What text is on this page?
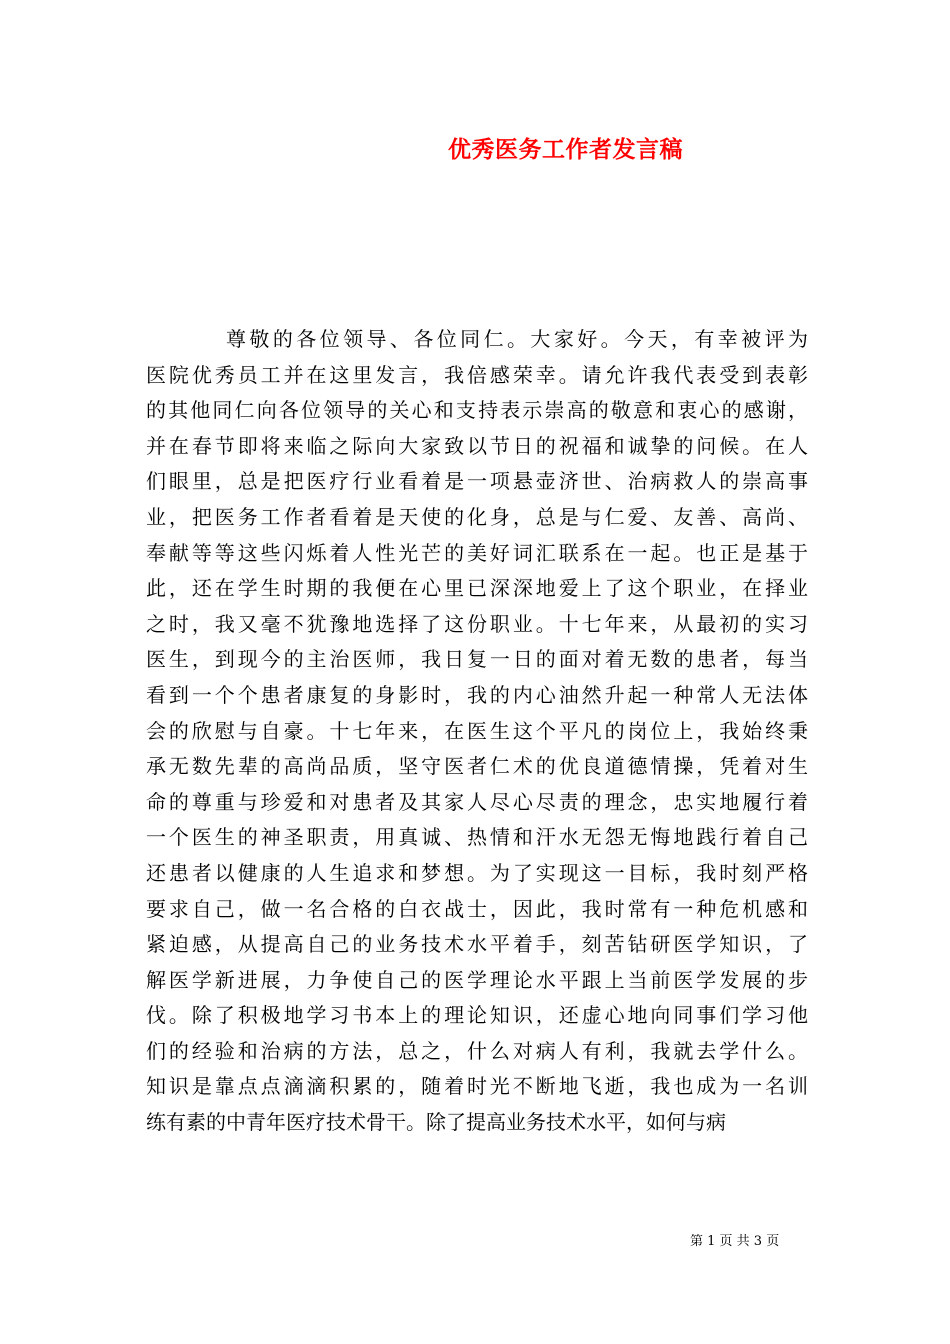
优秀医务工作者发言稿
尊敬的各位领导、各位同仁。大家好。今天，有幸被评为
医院优秀员工并在这里发言，我倍感荣幸。请允许我代表受到表彰
的其他同仁向各位领导的关心和支持表示崇高的敬意和衷心的感谢，
并在春节即将来临之际向大家致以节日的祝福和诚挚的问候。在人
们眼里，总是把医疗行业看着是一项悬壶济世、治病救人的崇高事
业，把医务工作者看着是天使的化身，总是与仁爱、友善、高尚、
奉献等等这些闪烁着人性光芒的美好词汇联系在一起。也正是基于
此，还在学生时期的我便在心里已深深地爱上了这个职业，在择业
之时，我又毫不犹豫地选择了这份职业。十七年来，从最初的实习
医生，到现今的主治医师，我日复一日的面对着无数的患者，每当
看到一个个患者康复的身影时，我的内心油然升起一种常人无法体
会的欣慰与自豪。十七年来，在医生这个平凡的岗位上，我始终秉
承无数先辈的高尚品质，坚守医者仁术的优良道德情操，凭着对生
命的尊重与珍爱和对患者及其家人尽心尽责的理念，忠实地履行着
一个医生的神圣职责，用真诚、热情和汗水无怨无悔地践行着自己
还患者以健康的人生追求和梦想。为了实现这一目标，我时刻严格
要求自己，做一名合格的白衣战士，因此，我时常有一种危机感和
紧迫感，从提高自己的业务技术水平着手，刻苦钻研医学知识，了
解医学新进展，力争使自己的医学理论水平跟上当前医学发展的步
伐。除了积极地学习书本上的理论知识，还虚心地向同事们学习他
们的经验和治病的方法，总之，什么对病人有利，我就去学什么。
知识是靠点点滴滴积累的，随着时光不断地飞逝，我也成为一名训
练有素的中青年医疗技术骨干。除了提高业务技术水平，如何与病
第 1 页 共 3 页
